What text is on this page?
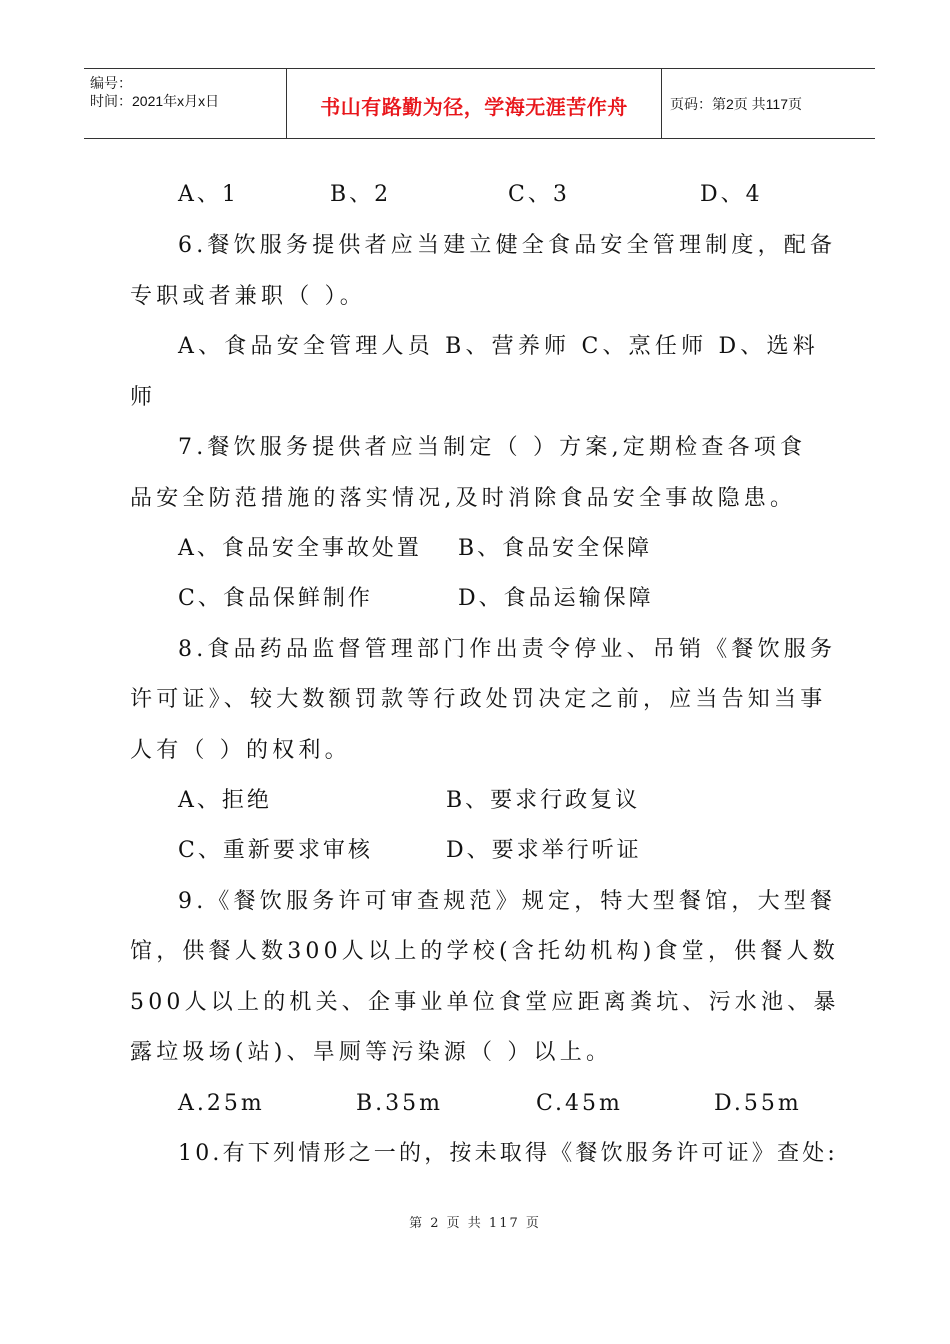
编号：
时间：2021年x月x日	书山有路勤为径，学海无涯苦作舟	页码：第2页 共117页
A、1	B、2	C、3	D、4
6.餐饮服务提供者应当建立健全食品安全管理制度，配备
专职或者兼职（ ）。
A、食品安全管理人员 B、营养师 C、烹任师 D、选料
师
7.餐饮服务提供者应当制定（ ）方案,定期检查各项食
品安全防范措施的落实情况,及时消除食品安全事故隐患。
A、食品安全事故处置 B、食品安全保障
C、食品保鲜制作	D、食品运输保障
8.食品药品监督管理部门作出责令停业、吊销《餐饮服务
许可证》、较大数额罚款等行政处罚决定之前，应当告知当事
人有（ ）的权利。
A、拒绝	B、要求行政复议
C、重新要求审核	D、要求举行听证
9.《餐饮服务许可审查规范》规定，特大型餐馆，大型餐
馆，供餐人数300人以上的学校(含托幼机构)食堂，供餐人数
500人以上的机关、企事业单位食堂应距离粪坑、污水池、暴
露垃圾场(站)、旱厕等污染源（ ）以上。
A.25m	B.35m	C.45m	D.55m
10.有下列情形之一的，按未取得《餐饮服务许可证》查处:
第 2 页 共 117 页
